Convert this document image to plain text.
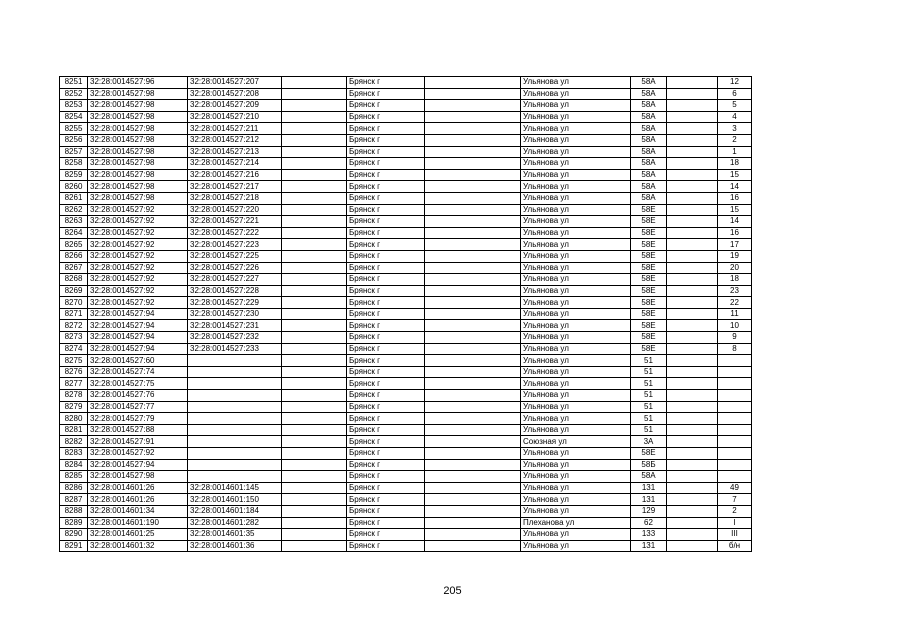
8251	32:28:0014527:96	32:28:0014527:207		Брянск г		Ульянова ул	58А		12
8252	32:28:0014527:98	32:28:0014527:208		Брянск г		Ульянова ул	58А		6
8253	32:28:0014527:98	32:28:0014527:209		Брянск г		Ульянова ул	58А		5
8254	32:28:0014527:98	32:28:0014527:210		Брянск г		Ульянова ул	58А		4
8255	32:28:0014527:98	32:28:0014527:211		Брянск г		Ульянова ул	58А		3
8256	32:28:0014527:98	32:28:0014527:212		Брянск г		Ульянова ул	58А		2
8257	32:28:0014527:98	32:28:0014527:213		Брянск г		Ульянова ул	58А		1
8258	32:28:0014527:98	32:28:0014527:214		Брянск г		Ульянова ул	58А		18
8259	32:28:0014527:98	32:28:0014527:216		Брянск г		Ульянова ул	58А		15
8260	32:28:0014527:98	32:28:0014527:217		Брянск г		Ульянова ул	58А		14
8261	32:28:0014527:98	32:28:0014527:218		Брянск г		Ульянова ул	58А		16
8262	32:28:0014527:92	32:28:0014527:220		Брянск г		Ульянова ул	58Е		15
8263	32:28:0014527:92	32:28:0014527:221		Брянск г		Ульянова ул	58Е		14
8264	32:28:0014527:92	32:28:0014527:222		Брянск г		Ульянова ул	58Е		16
8265	32:28:0014527:92	32:28:0014527:223		Брянск г		Ульянова ул	58Е		17
8266	32:28:0014527:92	32:28:0014527:225		Брянск г		Ульянова ул	58Е		19
8267	32:28:0014527:92	32:28:0014527:226		Брянск г		Ульянова ул	58Е		20
8268	32:28:0014527:92	32:28:0014527:227		Брянск г		Ульянова ул	58Е		18
8269	32:28:0014527:92	32:28:0014527:228		Брянск г		Ульянова ул	58Е		23
8270	32:28:0014527:92	32:28:0014527:229		Брянск г		Ульянова ул	58Е		22
8271	32:28:0014527:94	32:28:0014527:230		Брянск г		Ульянова ул	58Е		11
8272	32:28:0014527:94	32:28:0014527:231		Брянск г		Ульянова ул	58Е		10
8273	32:28:0014527:94	32:28:0014527:232		Брянск г		Ульянова ул	58Е		9
8274	32:28:0014527:94	32:28:0014527:233		Брянск г		Ульянова ул	58Е		8
8275	32:28:0014527:60			Брянск г		Ульянова ул	51		
8276	32:28:0014527:74			Брянск г		Ульянова ул	51		
8277	32:28:0014527:75			Брянск г		Ульянова ул	51		
8278	32:28:0014527:76			Брянск г		Ульянова ул	51		
8279	32:28:0014527:77			Брянск г		Ульянова ул	51		
8280	32:28:0014527:79			Брянск г		Ульянова ул	51		
8281	32:28:0014527:88			Брянск г		Ульянова ул	51		
8282	32:28:0014527:91			Брянск г		Союзная ул	3А		
8283	32:28:0014527:92			Брянск г		Ульянова ул	58Е		
8284	32:28:0014527:94			Брянск г		Ульянова ул	58Б		
8285	32:28:0014527:98			Брянск г		Ульянова ул	58А		
8286	32:28:0014601:26	32:28:0014601:145		Брянск г		Ульянова ул	131		49
8287	32:28:0014601:26	32:28:0014601:150		Брянск г		Ульянова ул	131		7
8288	32:28:0014601:34	32:28:0014601:184		Брянск г		Ульянова ул	129		2
8289	32:28:0014601:190	32:28:0014601:282		Брянск г		Плеханова ул	62		I
8290	32:28:0014601:25	32:28:0014601:35		Брянск г		Ульянова ул	133		III
8291	32:28:0014601:32	32:28:0014601:36		Брянск г		Ульянова ул	131		б/н
205
